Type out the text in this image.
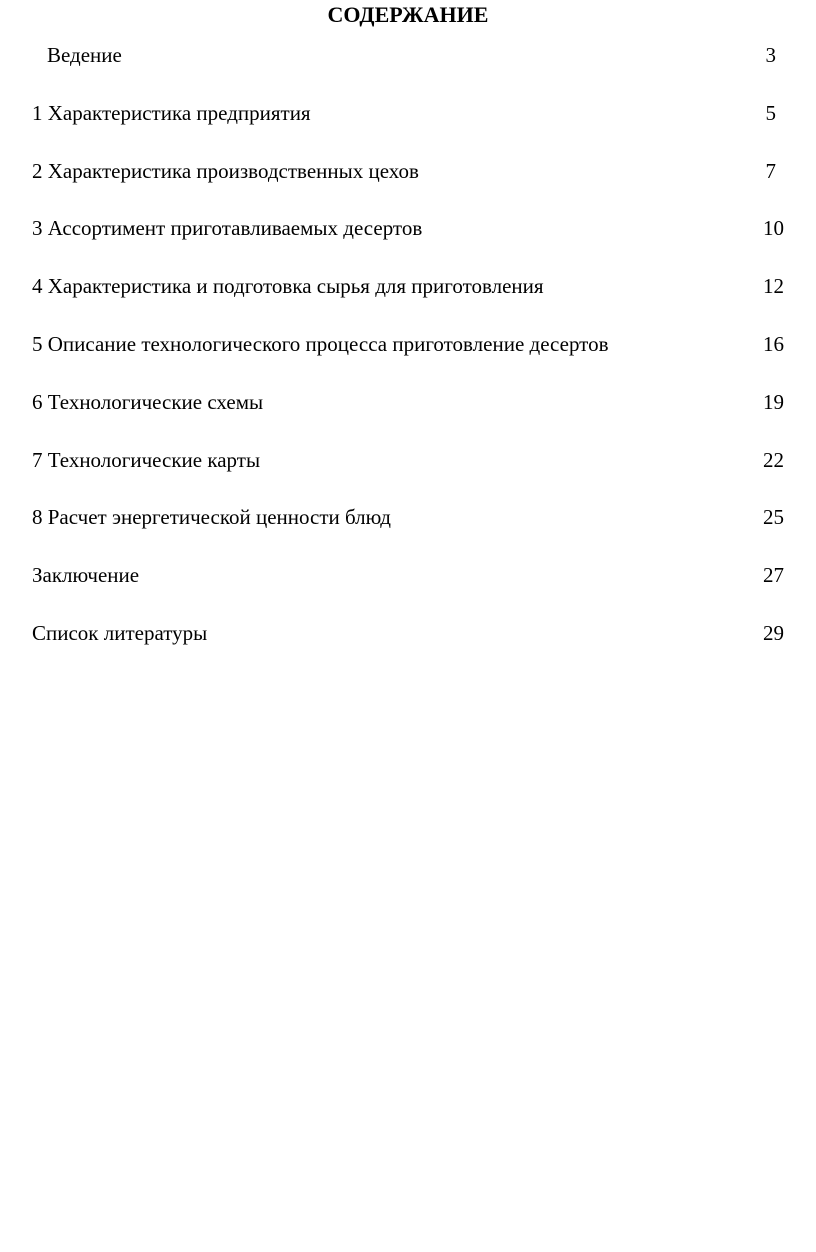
СОДЕРЖАНИЕ
Ведение	3
1 Характеристика предприятия	5
2 Характеристика производственных цехов	7
3 Ассортимент приготавливаемых десертов	10
4 Характеристика и подготовка сырья для приготовления	12
5 Описание технологического процесса приготовление десертов	16
6 Технологические схемы	19
7 Технологические карты	22
8 Расчет энергетической ценности блюд	25
Заключение	27
Список литературы	29
